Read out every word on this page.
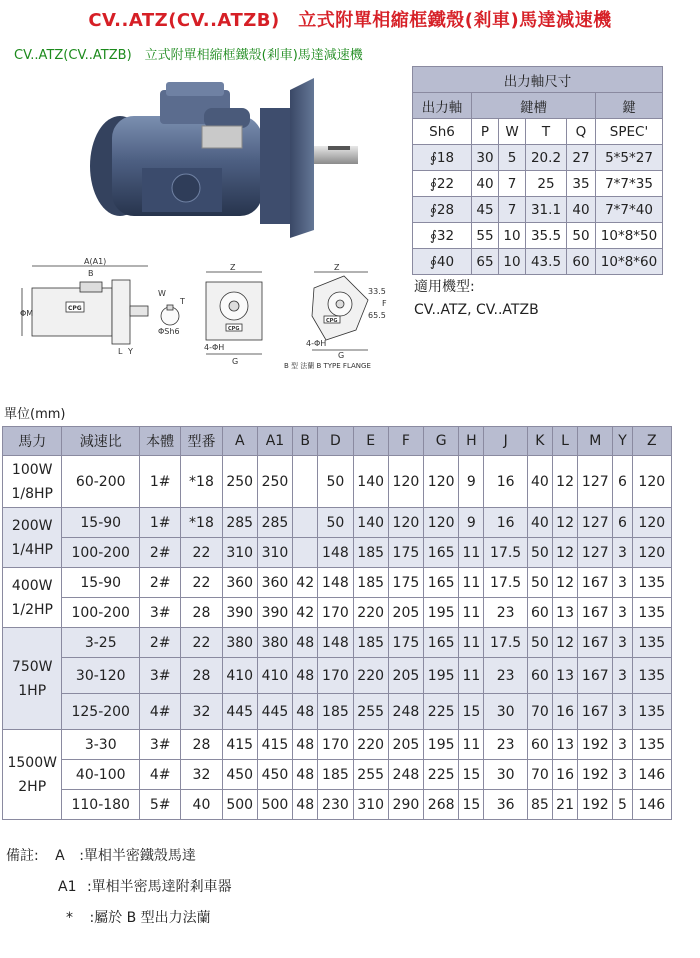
CV..ATZ(CV..ATZB)　立式附單相縮框鐵殼(剎車)馬達減速機
CV..ATZ(CV..ATZB)　立式附單相縮框鐵殼(剎車)馬達減速機
出力軸尺寸					
出力軸	鍵槽				鍵
Sh6	P	W	T	Q	SPEC'
∮18	30	5	20.2	27	5*5*27
∮22	40	7	25	35	7*7*35
∮28	45	7	31.1	40	7*7*40
∮32	55	10	35.5	50	10*8*50
∮40	65	10	43.5	60	10*8*60
適用機型:
CV..ATZ, CV..ATZB
CPG
A(A1)
ΦM
L Y
B
W
T
ΦSh6	CPG
Z
4-ΦH
G
CPG
Z
33.5
65.5
F
4-ΦH
G
B 型 法蘭 B TYPE FLANGE
單位(mm)
馬力	減速比	本體	型番	A	A1	B	D	E	F	G	H	J	K	L	M	Y	Z

100W
1/8HP	60-200	1#	*18	250	250		50	140	120	120	9	16	40	12	127	6	120

200W
1/4HP	15-90	1#	*18	285	285		50	140	120	120	9	16	40	12	127	6	120
	100-200	2#	22	310	310		148	185	175	165	11	17.5	50	12	127	3	120

400W
1/2HP	15-90	2#	22	360	360	42	148	185	175	165	11	17.5	50	12	167	3	135
	100-200	3#	28	390	390	42	170	220	205	195	11	23	60	13	167	3	135

750W
1HP	3-25	2#	22	380	380	48	148	185	175	165	11	17.5	50	12	167	3	135
	30-120	3#	28	410	410	48	170	220	205	195	11	23	60	13	167	3	135
	125-200	4#	32	445	445	48	185	255	248	225	15	30	70	16	167	3	135

1500W
2HP	3-30	3#	28	415	415	48	170	220	205	195	11	23	60	13	192	3	135
	40-100	4#	32	450	450	48	185	255	248	225	15	30	70	16	192	3	146
	110-180	5#	40	500	500	48	230	310	290	268	15	36	85	21	192	5	146
備註: A :單相半密鐵殼馬達
A1 :單相半密馬達附剎車器
* :屬於 B 型出力法蘭
